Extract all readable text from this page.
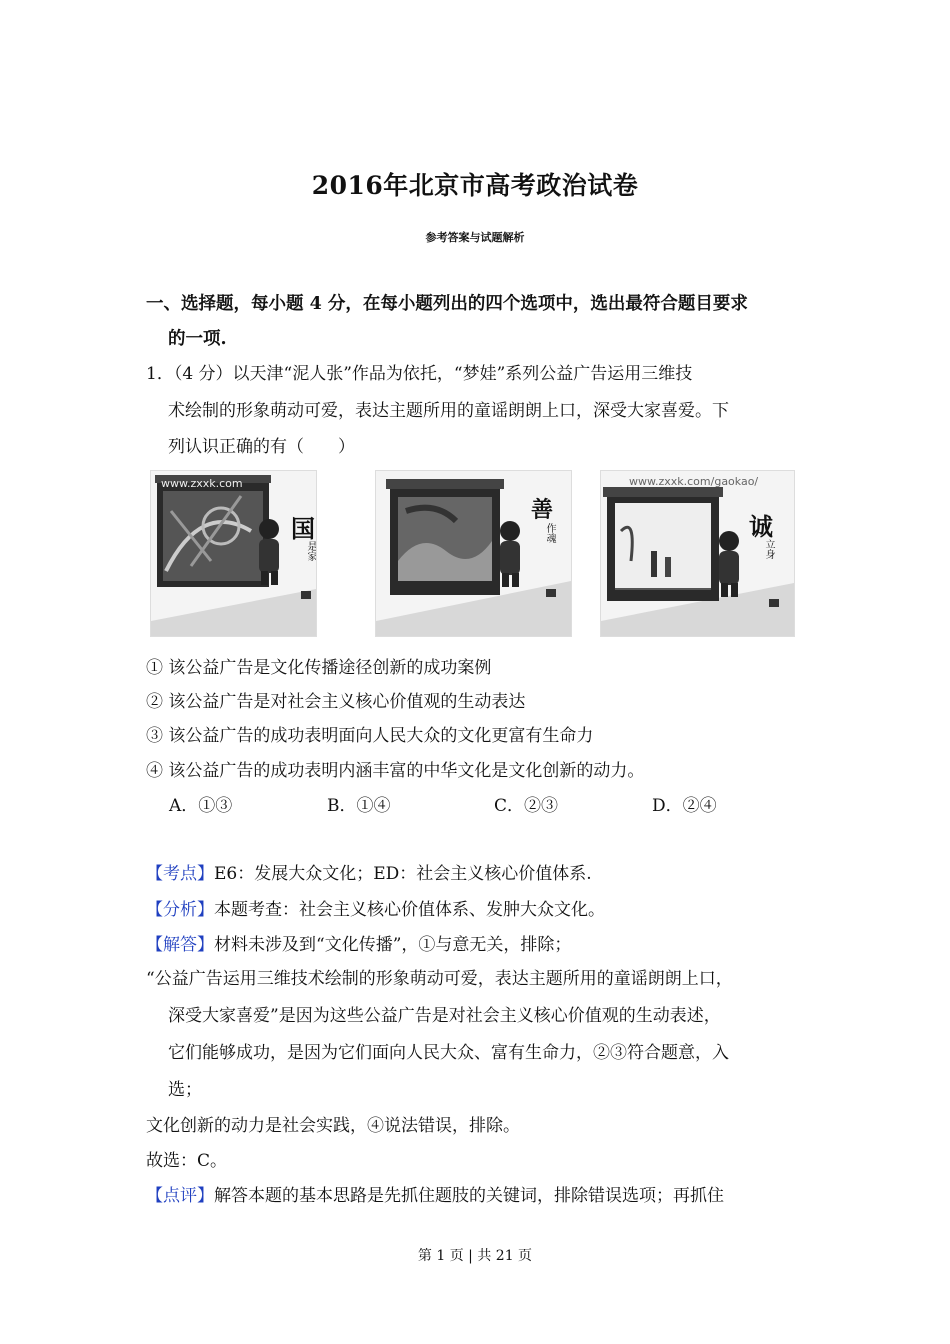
2016年北京市高考政治试卷
参考答案与试题解析
一、选择题，每小题 4 分，在每小题列出的四个选项中，选出最符合题目要求
的一项.
1．（4 分）以天津“泥人张”作品为依托，“梦娃”系列公益广告运用三维技
术绘制的形象萌动可爱，表达主题所用的童谣朗朗上口，深受大家喜爱。下
列认识正确的有（　　）
www.zxxk.com
国
是家
善
作魂
www.zxxk.com/gaokao/
诚
立身
① 该公益广告是文化传播途径创新的成功案例
② 该公益广告是对社会主义核心价值观的生动表达
③ 该公益广告的成功表明面向人民大众的文化更富有生命力
④ 该公益广告的成功表明内涵丰富的中华文化是文化创新的动力。
A．①③	B．①④	C．②③	D．②④
【考点】E6：发展大众文化；ED：社会主义核心价值体系.
【分析】本题考查：社会主义核心价值体系、发肿大众文化。
【解答】材料未涉及到“文化传播”，①与意无关，排除；
“公益广告运用三维技术绘制的形象萌动可爱，表达主题所用的童谣朗朗上口，
深受大家喜爱”是因为这些公益广告是对社会主义核心价值观的生动表述，
它们能够成功，是因为它们面向人民大众、富有生命力，②③符合题意，入
选；
文化创新的动力是社会实践，④说法错误，排除。
故选：C。
【点评】解答本题的基本思路是先抓住题肢的关键词，排除错误选项；再抓住
第 1 页 | 共 21 页
